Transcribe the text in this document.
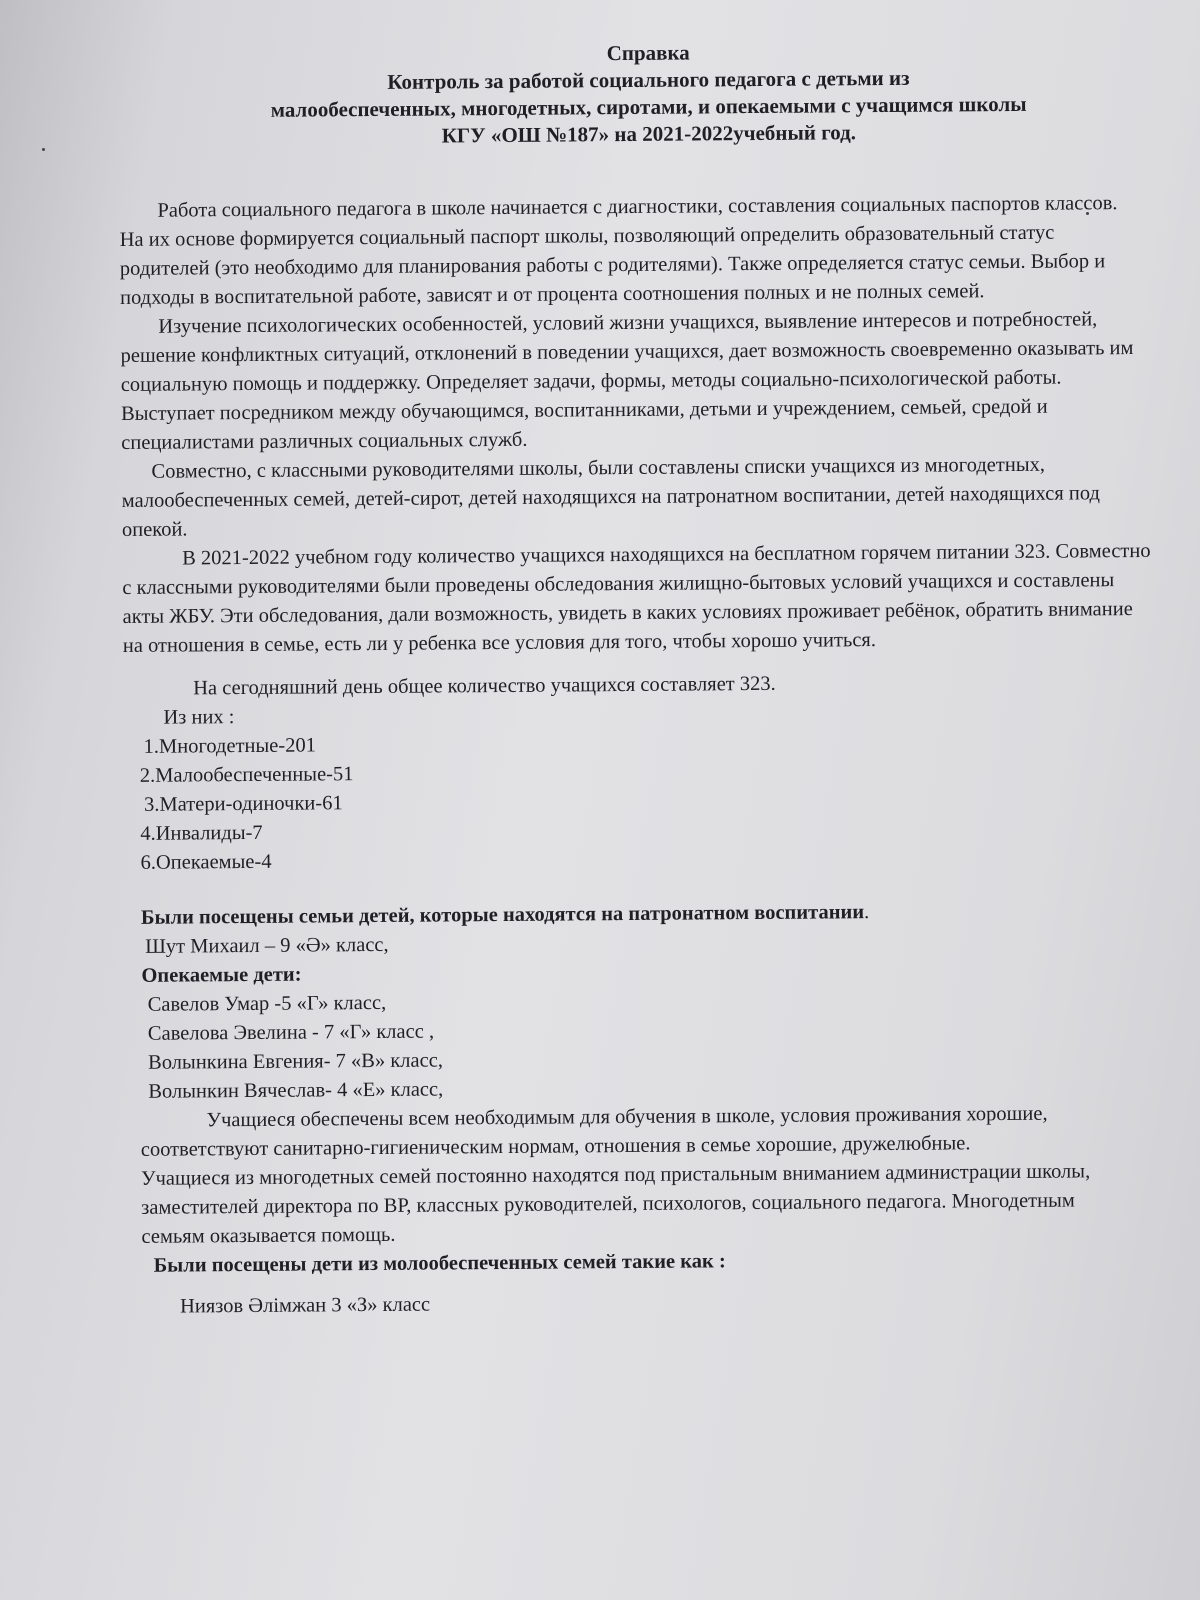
Справка
Контроль за работой социального педагога с детьми из
малообеспеченных, многодетных, сиротами, и опекаемыми с учащимся школы
КГУ «ОШ №187» на 2021-2022учебный год.

Работа социального педагога в школе начинается с диагностики, составления социальных паспортов классов. На их основе формируется социальный паспорт школы, позволяющий определить образовательный статус родителей (это необходимо для планирования работы с родителями). Также определяется статус семьи. Выбор и подходы в воспитательной работе, зависят и от процента соотношения полных и не полных семей.

Изучение психологических особенностей, условий жизни учащихся, выявление интересов и потребностей, решение конфликтных ситуаций, отклонений в поведении учащихся, дает возможность своевременно оказывать им социальную помощь и поддержку. Определяет задачи, формы, методы социально-психологической работы. Выступает посредником между обучающимся, воспитанниками, детьми и учреждением, семьей, средой и специалистами различных социальных служб.

Совместно, с классными руководителями школы, были составлены списки учащихся из многодетных, малообеспеченных семей, детей-сирот, детей находящихся на патронатном воспитании, детей находящихся под опекой.

В 2021-2022 учебном году количество учащихся находящихся на бесплатном горячем питании 323. Совместно с классными руководителями были проведены обследования жилищно-бытовых условий учащихся и составлены акты ЖБУ. Эти обследования, дали возможность, увидеть в каких условиях проживает ребёнок, обратить внимание на отношения в семье, есть ли у ребенка все условия для того, чтобы хорошо учиться.

На сегодняшний день общее количество учащихся составляет 323.

Из них :

1.Многодетные-201
2.Малообеспеченные-51
3.Матери-одиночки-61
4.Инвалиды-7
6.Опекаемые-4

Были посещены семьи детей, которые находятся на патронатном воспитании.

Шут Михаил – 9 «Ә» класс,

Опекаемые дети:

Савелов Умар -5 «Г» класс,

Савелова Эвелина - 7 «Г» класс ,

Волынкина Евгения- 7 «В» класс,

Волынкин Вячеслав- 4 «Е» класс,

Учащиеся обеспечены всем необходимым для обучения в школе, условия проживания хорошие, соответствуют санитарно-гигиеническим нормам, отношения в семье хорошие, дружелюбные.

Учащиеся из многодетных семей постоянно находятся под пристальным вниманием администрации школы, заместителей директора по ВР, классных руководителей, психологов, социального педагога. Многодетным семьям оказывается помощь.

Были посещены дети из молообеспеченных семей такие как :

Ниязов Әлімжан 3 «З» класс
